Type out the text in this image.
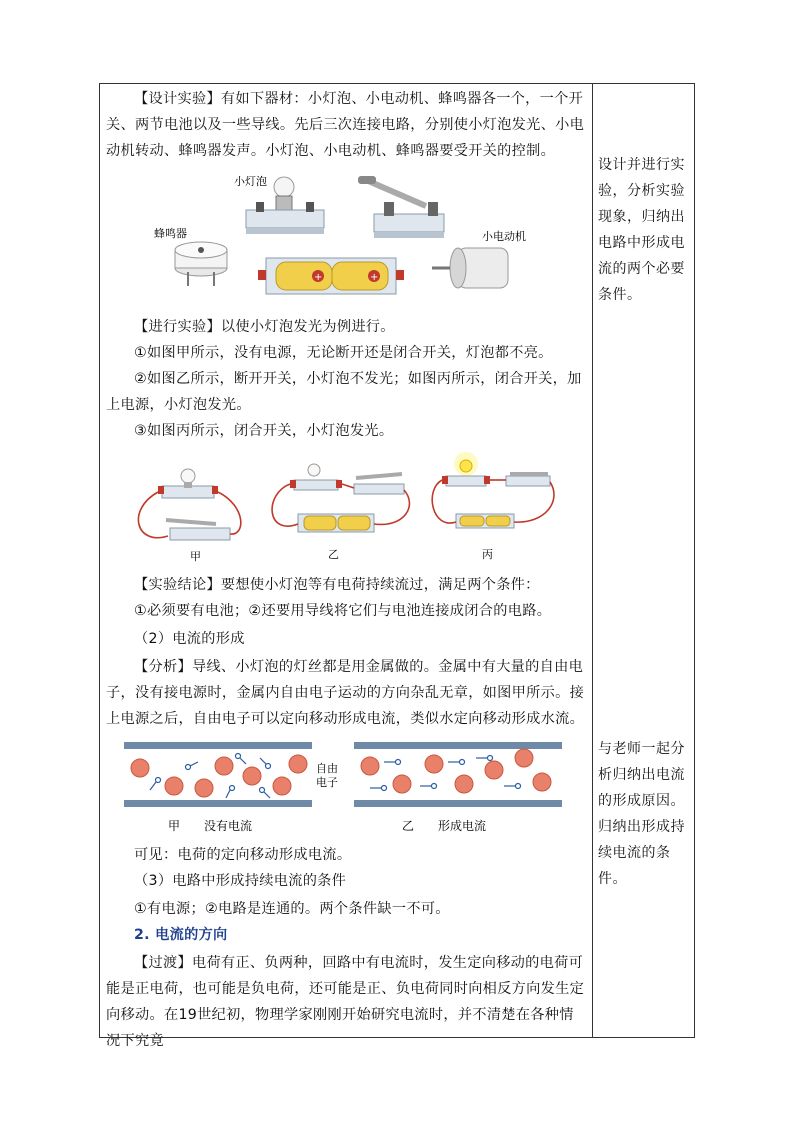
【设计实验】有如下器材：小灯泡、小电动机、蜂鸣器各一个，一个开关、两节电池以及一些导线。先后三次连接电路，分别使小灯泡发光、小电动机转动、蜂鸣器发声。小灯泡、小电动机、蜂鸣器要受开关的控制。

小灯泡
蜂鸣器	小电动机
+	+

【进行实验】以使小灯泡发光为例进行。

①如图甲所示，没有电源，无论断开还是闭合开关，灯泡都不亮。

②如图乙所示，断开开关，小灯泡不发光；如图丙所示，闭合开关，加上电源，小灯泡发光。

③如图丙所示，闭合开关，小灯泡发光。

甲	乙	丙

【实验结论】要想使小灯泡等有电荷持续流过，满足两个条件：

①必须要有电池；②还要用导线将它们与电池连接成闭合的电路。

（2）电流的形成

【分析】导线、小灯泡的灯丝都是用金属做的。金属中有大量的自由电子，没有接电源时，金属内自由电子运动的方向杂乱无章，如图甲所示。接上电源之后，自由电子可以定向移动形成电流，类似水定向移动形成水流。

自由
电子
甲　　没有电流	乙　　形成电流

可见：电荷的定向移动形成电流。

（3）电路中形成持续电流的条件

①有电源；②电路是连通的。两个条件缺一不可。

2. 电流的方向

【过渡】电荷有正、负两种，回路中有电流时，发生定向移动的电荷可能是正电荷，也可能是负电荷，还可能是正、负电荷同时向相反方向发生定向移动。在19世纪初，物理学家刚刚开始研究电流时，并不清楚在各种情况下究竟

设计并进行实验，分析实验现象，归纳出电路中形成电流的两个必要条件。
与老师一起分析归纳出电流的形成原因。归纳出形成持续电流的条件。
